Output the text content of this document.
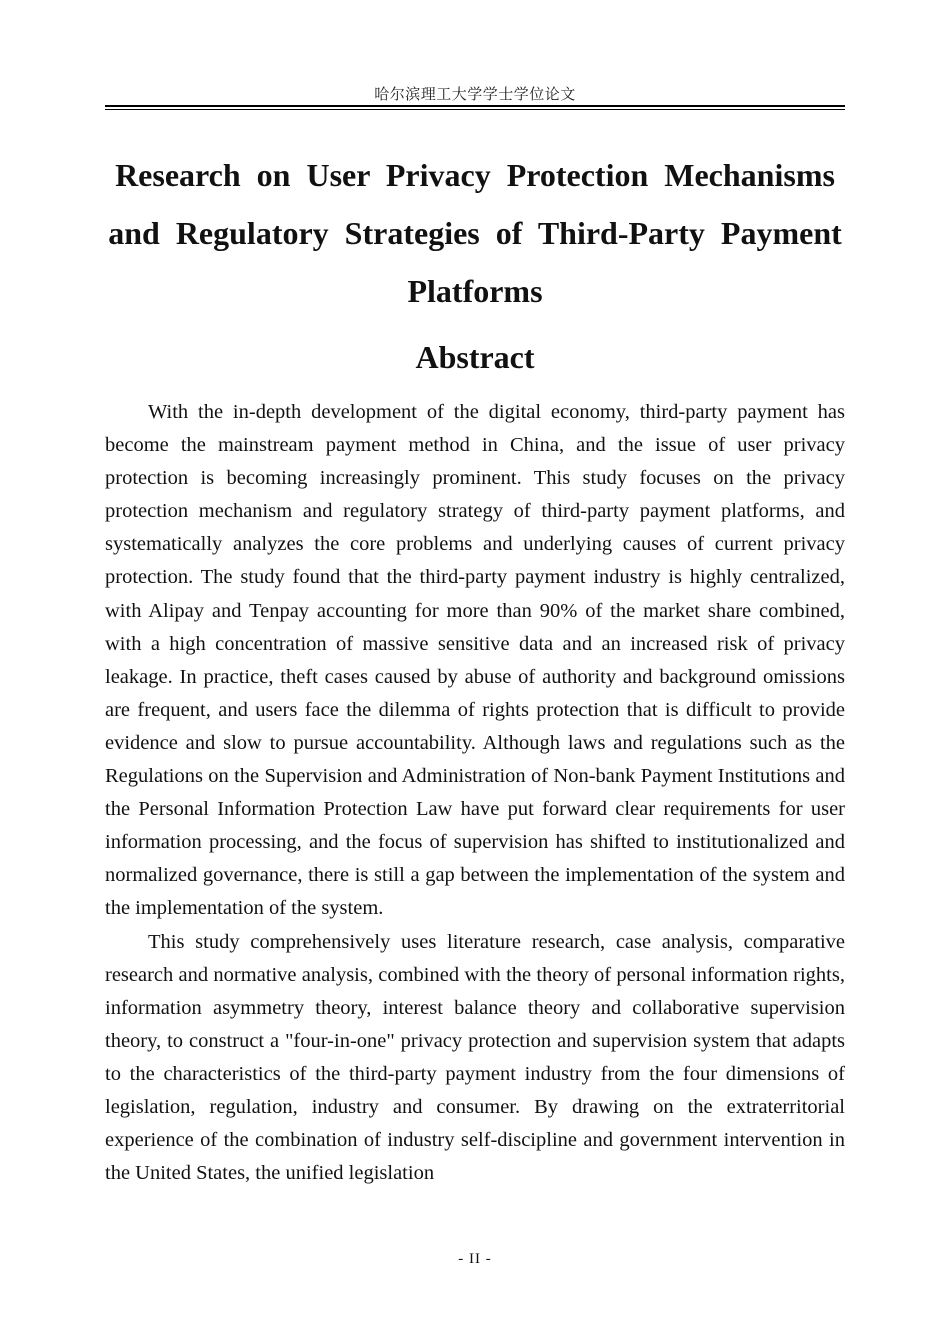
哈尔滨理工大学学士学位论文
Research on User Privacy Protection Mechanisms and Regulatory Strategies of Third-Party Payment Platforms
Abstract

With the in-depth development of the digital economy, third-party payment has become the mainstream payment method in China, and the issue of user privacy protection is becoming increasingly prominent. This study focuses on the privacy protection mechanism and regulatory strategy of third-party payment platforms, and systematically analyzes the core problems and underlying causes of current privacy protection. The study found that the third-party payment industry is highly centralized, with Alipay and Tenpay accounting for more than 90% of the market share combined, with a high concentration of massive sensitive data and an increased risk of privacy leakage. In practice, theft cases caused by abuse of authority and background omissions are frequent, and users face the dilemma of rights protection that is difficult to provide evidence and slow to pursue accountability. Although laws and regulations such as the Regulations on the Supervision and Administration of Non-bank Payment Institutions and the Personal Information Protection Law have put forward clear requirements for user information processing, and the focus of supervision has shifted to institutionalized and normalized governance, there is still a gap between the implementation of the system and the implementation of the system.

This study comprehensively uses literature research, case analysis, comparative research and normative analysis, combined with the theory of personal information rights, information asymmetry theory, interest balance theory and collaborative supervision theory, to construct a "four-in-one" privacy protection and supervision system that adapts to the characteristics of the third-party payment industry from the four dimensions of legislation, regulation, industry and consumer. By drawing on the extraterritorial experience of the combination of industry self-discipline and government intervention in the United States, the unified legislation

- II -
